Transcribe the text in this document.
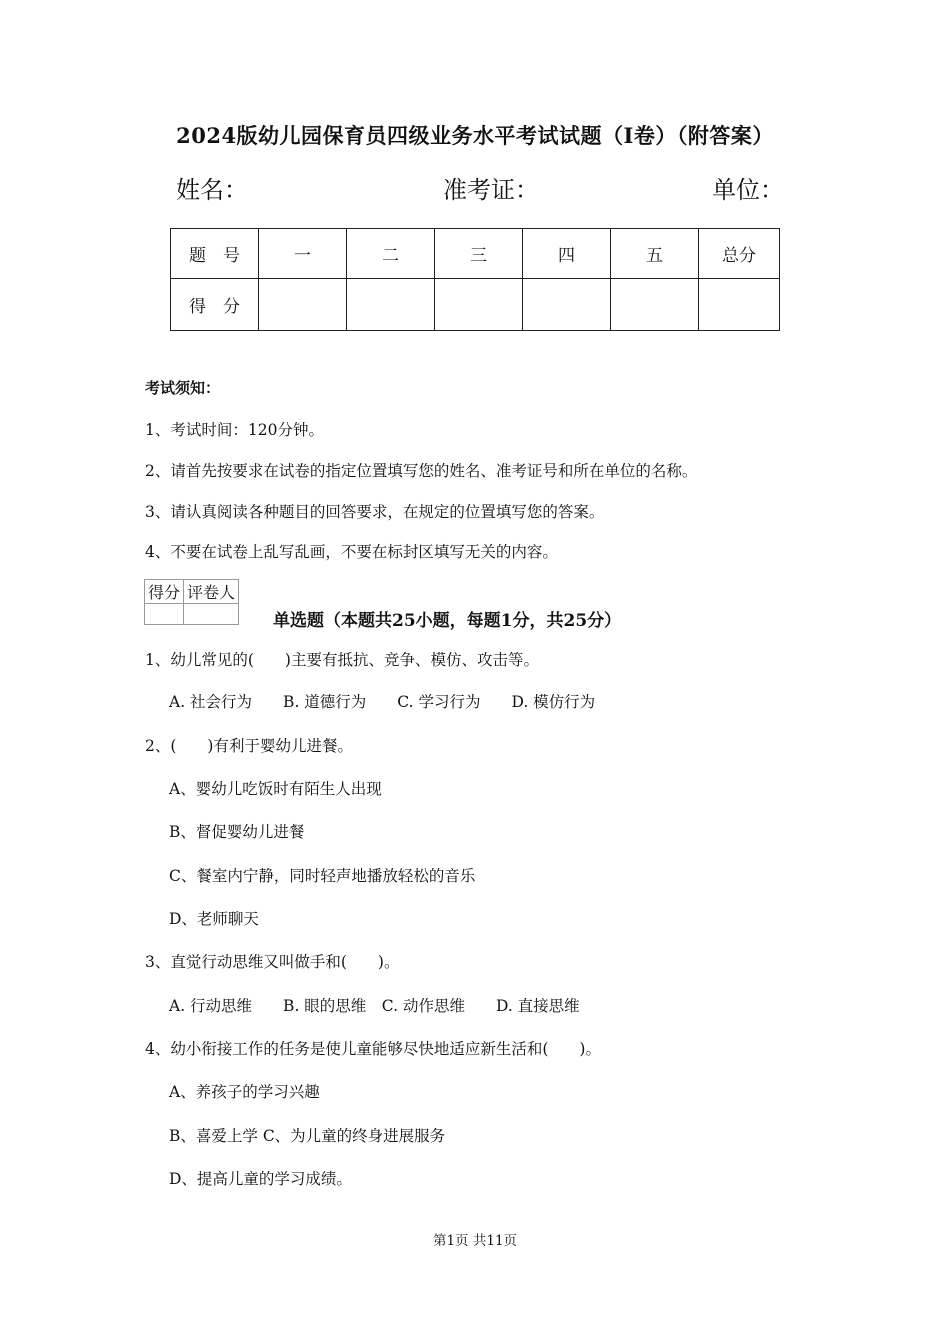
2024版幼儿园保育员四级业务水平考试试题（I卷）（附答案）
姓名：	准考证：	单位：
题　号	一	二	三	四	五	总分
得　分						
考试须知：
1、考试时间：120分钟。
2、请首先按要求在试卷的指定位置填写您的姓名、准考证号和所在单位的名称。
3、请认真阅读各种题目的回答要求，在规定的位置填写您的答案。
4、不要在试卷上乱写乱画，不要在标封区填写无关的内容。
得分	评卷人

单选题（本题共25小题，每题1分，共25分）
1、幼儿常见的(　　)主要有抵抗、竞争、模仿、攻击等。
A. 社会行为　　B. 道德行为　　C. 学习行为　　D. 模仿行为
2、(　　)有利于婴幼儿进餐。
A、婴幼儿吃饭时有陌生人出现
B、督促婴幼儿进餐
C、餐室内宁静，同时轻声地播放轻松的音乐
D、老师聊天
3、直觉行动思维又叫做手和(　　)。
A. 行动思维　　B. 眼的思维　C. 动作思维　　D. 直接思维
4、幼小衔接工作的任务是使儿童能够尽快地适应新生活和(　　)。
A、养孩子的学习兴趣
B、喜爱上学 C、为儿童的终身进展服务
D、提高儿童的学习成绩。
第1页 共11页
